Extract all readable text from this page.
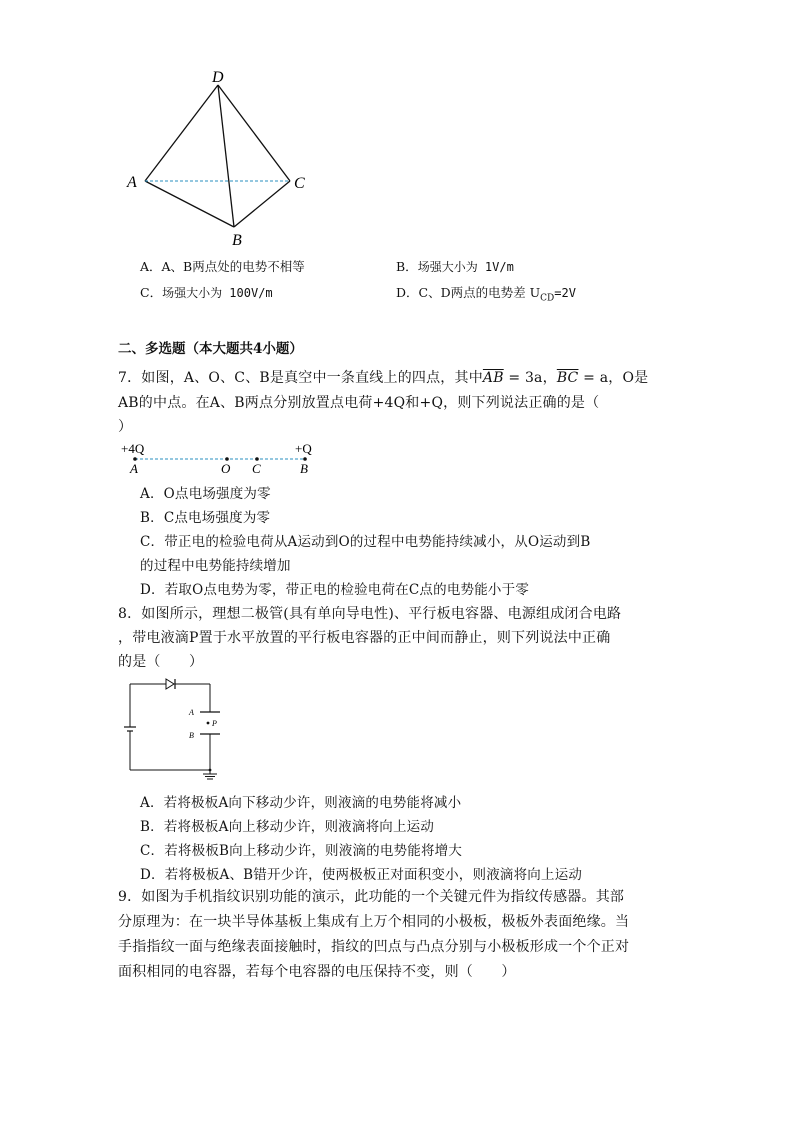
D
A	C
B
A．A、B两点处的电势不相等	B．场强大小为 1V/m
C．场强大小为 100V/m	D．C、D两点的电势差 $U_{CD}=2V$
二、多选题（本大题共4小题）
7．如图，A、O、C、B是真空中一条直线上的四点，其中$\overline{AB} = 3a$，$\overline{BC} = a$，O是
AB的中点。在A、B两点分别放置点电荷+4Q和+Q，则下列说法正确的是（
）
+4Q	+Q
A	O C	B
A．O点电场强度为零
B．C点电场强度为零
C．带正电的检验电荷从A运动到O的过程中电势能持续减小，从O运动到B
的过程中电势能持续增加
D．若取O点电势为零，带正电的检验电荷在C点的电势能小于零
8．如图所示，理想二极管(具有单向导电性)、平行板电容器、电源组成闭合电路
，带电液滴P置于水平放置的平行板电容器的正中间而静止，则下列说法中正确
的是（　　）
A
B
P
A．若将极板A向下移动少许，则液滴的电势能将减小
B．若将极板A向上移动少许，则液滴将向上运动
C．若将极板B向上移动少许，则液滴的电势能将增大
D．若将极板A、B错开少许，使两极板正对面积变小，则液滴将向上运动
9．如图为手机指纹识别功能的演示，此功能的一个关键元件为指纹传感器。其部
分原理为：在一块半导体基板上集成有上万个相同的小极板，极板外表面绝缘。当
手指指纹一面与绝缘表面接触时，指纹的凹点与凸点分别与小极板形成一个个正对
面积相同的电容器，若每个电容器的电压保持不变，则（　　）
